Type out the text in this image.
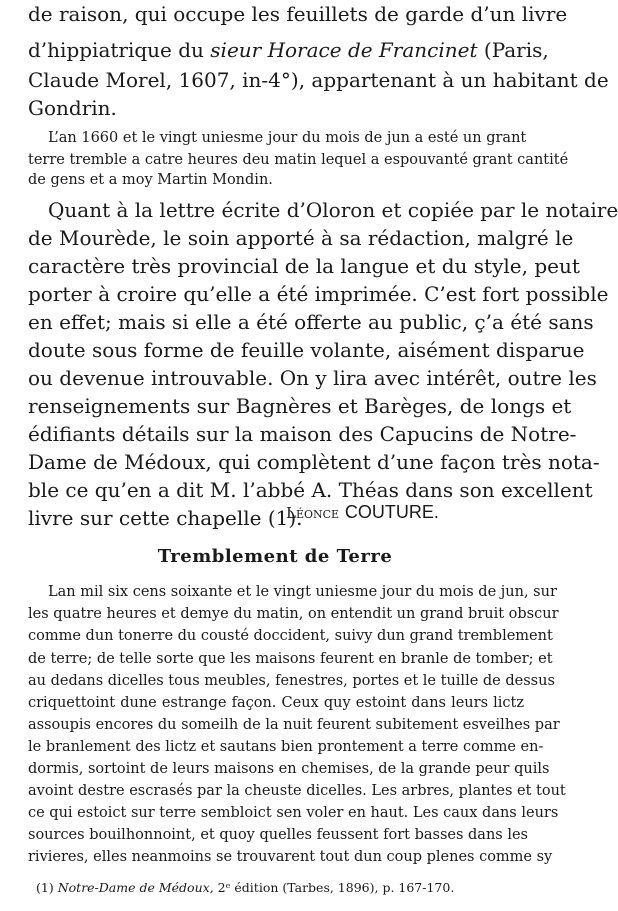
de raison, qui occupe les feuillets de garde d’un livre
d’hippiatrique du sieur Horace de Francinet (Paris,
Claude Morel, 1607, in-4°), appartenant à un habitant de
Gondrin.
L’an 1660 et le vingt uniesme jour du mois de jun a esté un grant
terre tremble a catre heures deu matin lequel a espouvanté grant cantité
de gens et a moy Martin Mondin.
Quant à la lettre écrite d’Oloron et copiée par le notaire
de Mourède, le soin apporté à sa rédaction, malgré le
caractère très provincial de la langue et du style, peut
porter à croire qu’elle a été imprimée. C’est fort possible
en effet; mais si elle a été offerte au public, ç’a été sans
doute sous forme de feuille volante, aisément disparue
ou devenue introuvable. On y lira avec intérêt, outre les
renseignements sur Bagnères et Barèges, de longs et
édifiants détails sur la maison des Capucins de Notre-
Dame de Médoux, qui complètent d’une façon très nota-
ble ce qu’en a dit M. l’abbé A. Théas dans son excellent
livre sur cette chapelle (1).
Léonce COUTURE.
Tremblement de Terre
Lan mil six cens soixante et le vingt uniesme jour du mois de jun, sur
les quatre heures et demye du matin, on entendit un grand bruit obscur
comme dun tonerre du cousté doccident, suivy dun grand tremblement
de terre; de telle sorte que les maisons feurent en branle de tomber; et
au dedans dicelles tous meubles, fenestres, portes et le tuille de dessus
criquettoint dune estrange façon. Ceux quy estoint dans leurs lictz
assoupis encores du someilh de la nuit feurent subitement esveilhes par
le branlement des lictz et sautans bien prontement a terre comme en-
dormis, sortoint de leurs maisons en chemises, de la grande peur quils
avoint destre escrasés par la cheuste dicelles. Les arbres, plantes et tout
ce qui estoict sur terre sembloict sen voler en haut. Les caux dans leurs
sources bouilhonnoint, et quoy quelles feussent fort basses dans les
rivieres, elles neanmoins se trouvarent tout dun coup plenes comme sy
(1) Notre-Dame de Médoux, 2ᵉ édition (Tarbes, 1896), p. 167-170.
